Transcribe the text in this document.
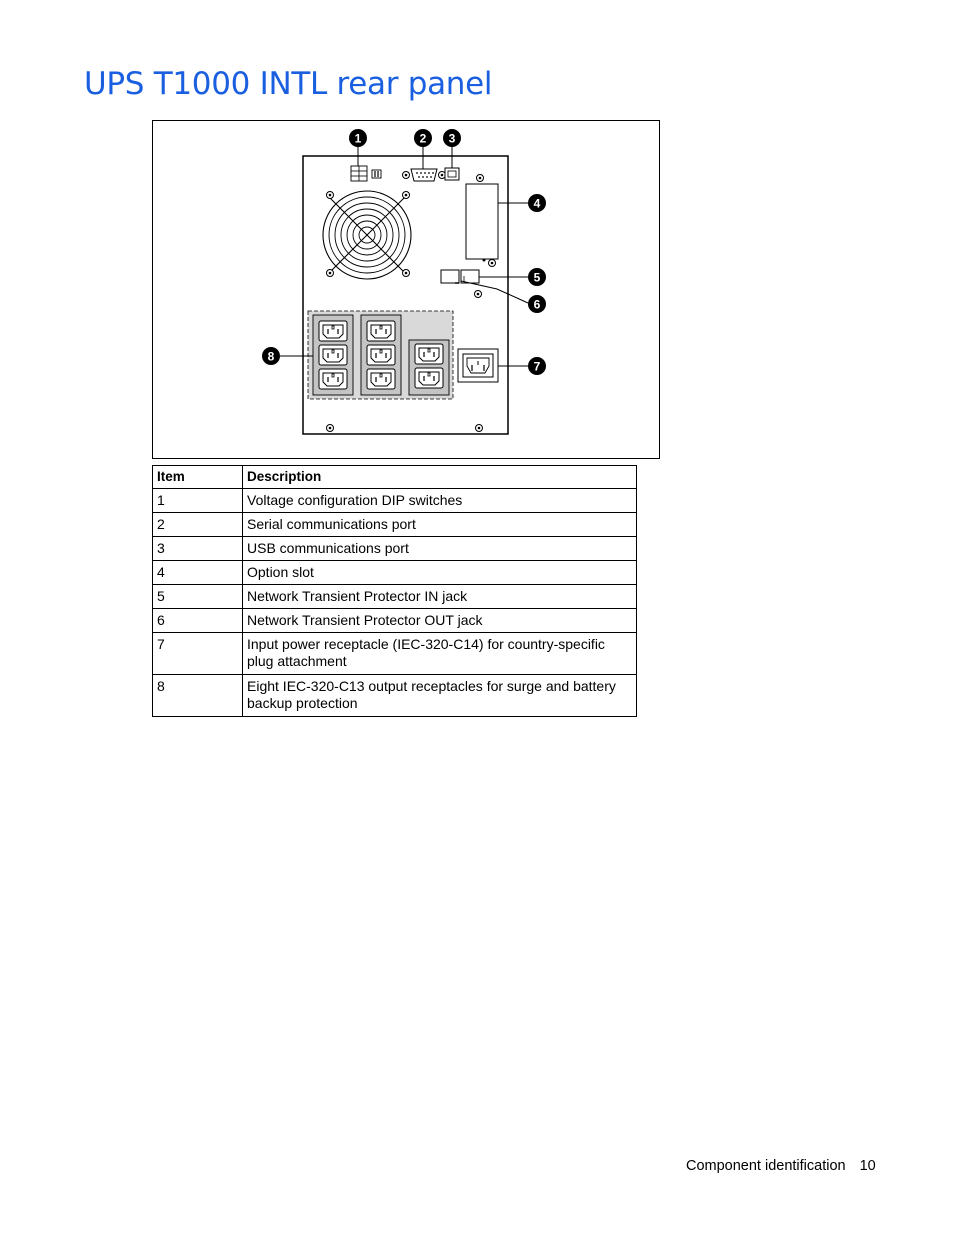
UPS T1000 INTL rear panel
1	2 3
4
5
6
7
8
Item	Description
1	Voltage configuration DIP switches
2	Serial communications port
3	USB communications port
4	Option slot
5	Network Transient Protector IN jack
6	Network Transient Protector OUT jack
7	Input power receptacle (IEC-320-C14) for country-specific plug attachment
8	Eight IEC-320-C13 output receptacles for surge and battery backup protection
Component identification 10
